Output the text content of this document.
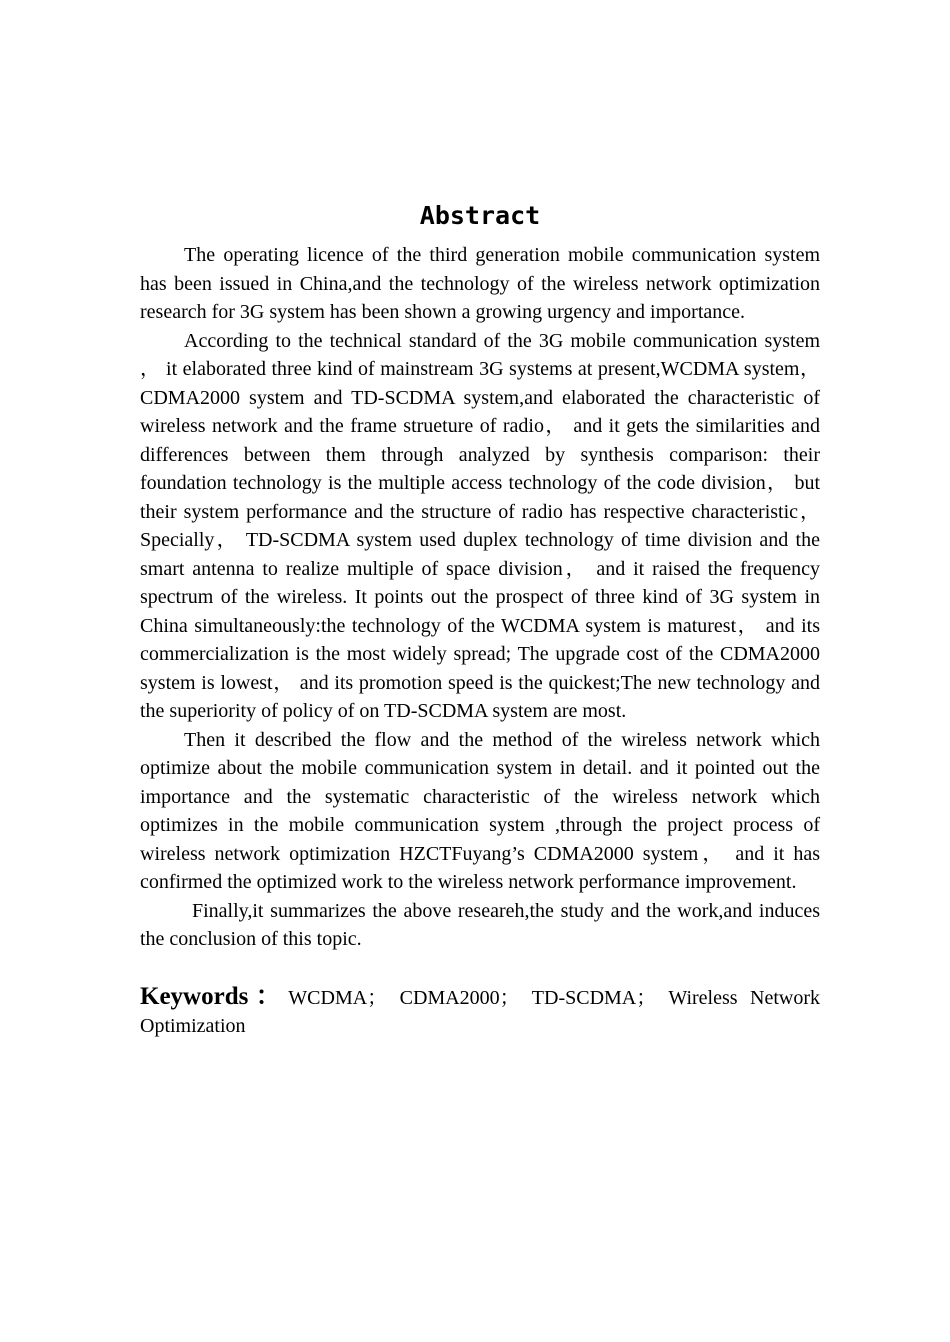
Abstract

The operating licence of the third generation mobile communication system has been issued in China,and the technology of the wireless network optimization research for 3G system has been shown a growing urgency and importance.

According to the technical standard of the 3G mobile communication system ， it elaborated three kind of mainstream 3G systems at present,WCDMA system， CDMA2000 system and TD-SCDMA system,and elaborated the characteristic of wireless network and the frame strueture of radio， and it gets the similarities and differences between them through analyzed by synthesis comparison: their foundation technology is the multiple access technology of the code division， but their system performance and the structure of radio has respective characteristic， Specially， TD-SCDMA system used duplex technology of time division and the smart antenna to realize multiple of space division， and it raised the frequency spectrum of the wireless. It points out the prospect of three kind of 3G system in China simultaneously:the technology of the WCDMA system is maturest， and its commercialization is the most widely spread; The upgrade cost of the CDMA2000 system is lowest， and its promotion speed is the quickest;The new technology and the superiority of policy of on TD-SCDMA system are most.

Then it described the flow and the method of the wireless network which optimize about the mobile communication system in detail. and it pointed out the importance and the systematic characteristic of the wireless network which optimizes in the mobile communication system ,through the project process of wireless network optimization HZCTFuyang’s CDMA2000 system， and it has confirmed the optimized work to the wireless network performance improvement.

Finally,it summarizes the above researeh,the study and the work,and induces the conclusion of this topic.

Keywords：WCDMA； CDMA2000； TD-SCDMA； Wireless Network Optimization
